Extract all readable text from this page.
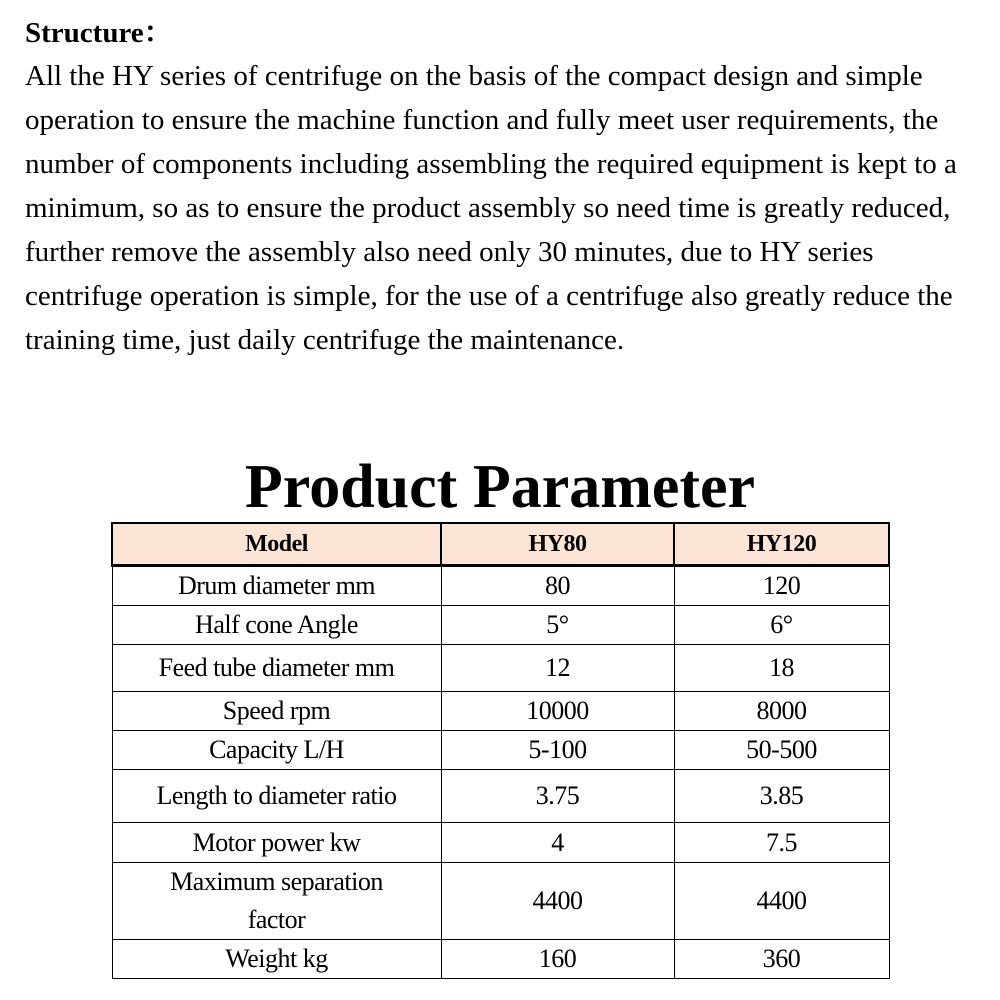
Structure：

All the HY series of centrifuge on the basis of the compact design and simple operation to ensure the machine function and fully meet user requirements, the number of components including assembling the required equipment is kept to a minimum, so as to ensure the product assembly so need time is greatly reduced, further remove the assembly also need only 30 minutes, due to HY series centrifuge operation is simple, for the use of a centrifuge also greatly reduce the training time, just daily centrifuge the maintenance.

Product Parameter
Model	HY80	HY120
Drum diameter mm	80	120
Half cone Angle	5°	6°
Feed tube diameter mm	12	18
Speed rpm	10000	8000
Capacity L/H	5-100	50-500
Length to diameter ratio	3.75	3.85
Motor power kw	4	7.5
Maximum separation factor	4400	4400
Weight kg	160	360
